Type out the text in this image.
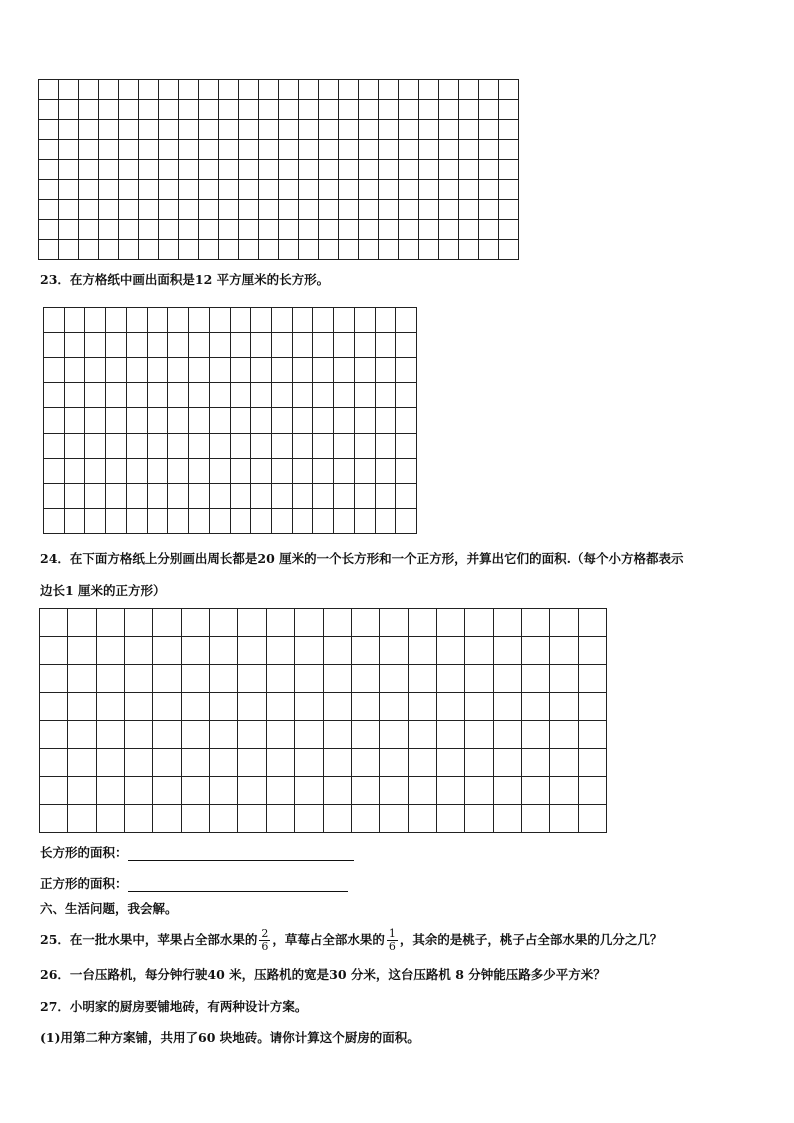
23．在方格纸中画出面积是12 平方厘米的长方形。
24．在下面方格纸上分别画出周长都是20 厘米的一个长方形和一个正方形，并算出它们的面积.（每个小方格都表示
边长1 厘米的正方形）
长方形的面积：
正方形的面积：
六、生活问题，我会解。
25．在一批水果中，苹果占全部水果的 $\frac{2}{6}$ ，草莓占全部水果的 $\frac{1}{6}$ ，其余的是桃子，桃子占全部水果的几分之几？
26．一台压路机，每分钟行驶40 米，压路机的宽是30 分米，这台压路机 8 分钟能压路多少平方米？
27．小明家的厨房要铺地砖，有两种设计方案。
(1)用第二种方案铺，共用了60 块地砖。请你计算这个厨房的面积。
